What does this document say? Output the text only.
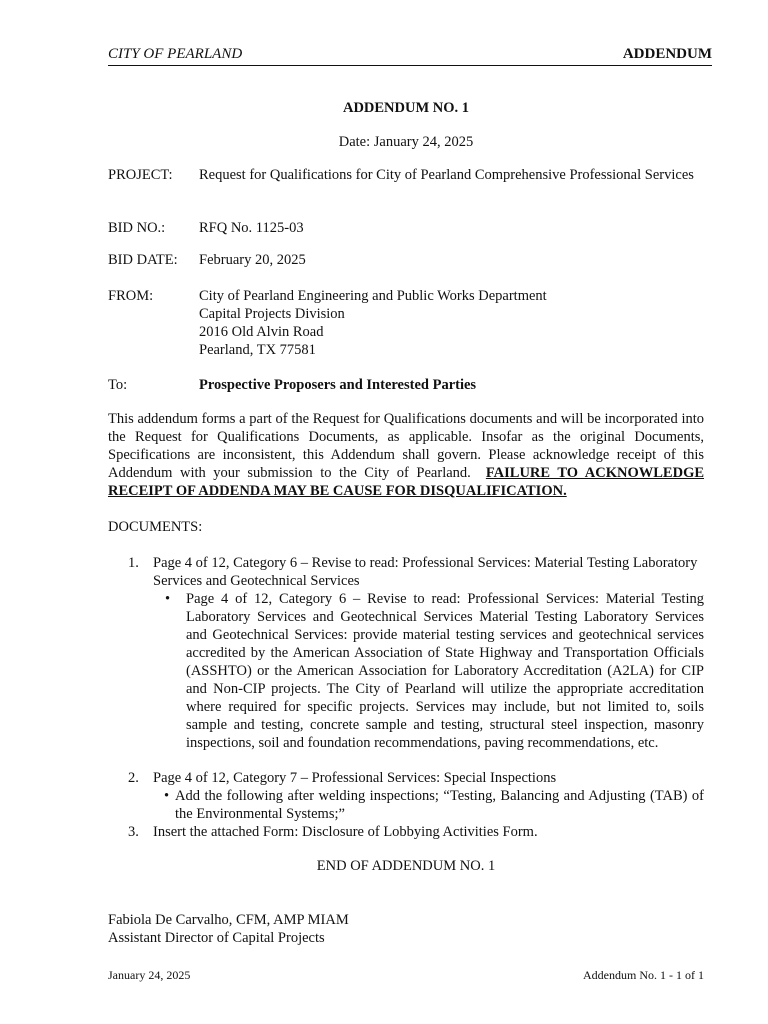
CITY OF PEARLAND	ADDENDUM
ADDENDUM NO. 1
Date: January 24, 2025
PROJECT:	Request for Qualifications for City of Pearland Comprehensive Professional Services
BID NO.:	RFQ No. 1125-03
BID DATE:	February 20, 2025
FROM:	City of Pearland Engineering and Public Works Department
Capital Projects Division
2016 Old Alvin Road
Pearland, TX 77581
To:	Prospective Proposers and Interested Parties
This addendum forms a part of the Request for Qualifications documents and will be incorporated into the Request for Qualifications Documents, as applicable. Insofar as the original Documents, Specifications are inconsistent, this Addendum shall govern. Please acknowledge receipt of this Addendum with your submission to the City of Pearland. FAILURE TO ACKNOWLEDGE RECEIPT OF ADDENDA MAY BE CAUSE FOR DISQUALIFICATION.
DOCUMENTS:
1. Page 4 of 12, Category 6 – Revise to read: Professional Services: Material Testing Laboratory Services and Geotechnical Services
• Page 4 of 12, Category 6 – Revise to read: Professional Services: Material Testing Laboratory Services and Geotechnical Services Material Testing Laboratory Services and Geotechnical Services: provide material testing services and geotechnical services accredited by the American Association of State Highway and Transportation Officials (ASSHTO) or the American Association for Laboratory Accreditation (A2LA) for CIP and Non-CIP projects. The City of Pearland will utilize the appropriate accreditation where required for specific projects. Services may include, but not limited to, soils sample and testing, concrete sample and testing, structural steel inspection, masonry inspections, soil and foundation recommendations, paving recommendations, etc.
2. Page 4 of 12, Category 7 – Professional Services: Special Inspections
• Add the following after welding inspections; “Testing, Balancing and Adjusting (TAB) of the Environmental Systems;”
3. Insert the attached Form: Disclosure of Lobbying Activities Form.
END OF ADDENDUM NO. 1
Fabiola De Carvalho, CFM, AMP MIAM
Assistant Director of Capital Projects
January 24, 2025	Addendum No. 1 - 1 of 1
